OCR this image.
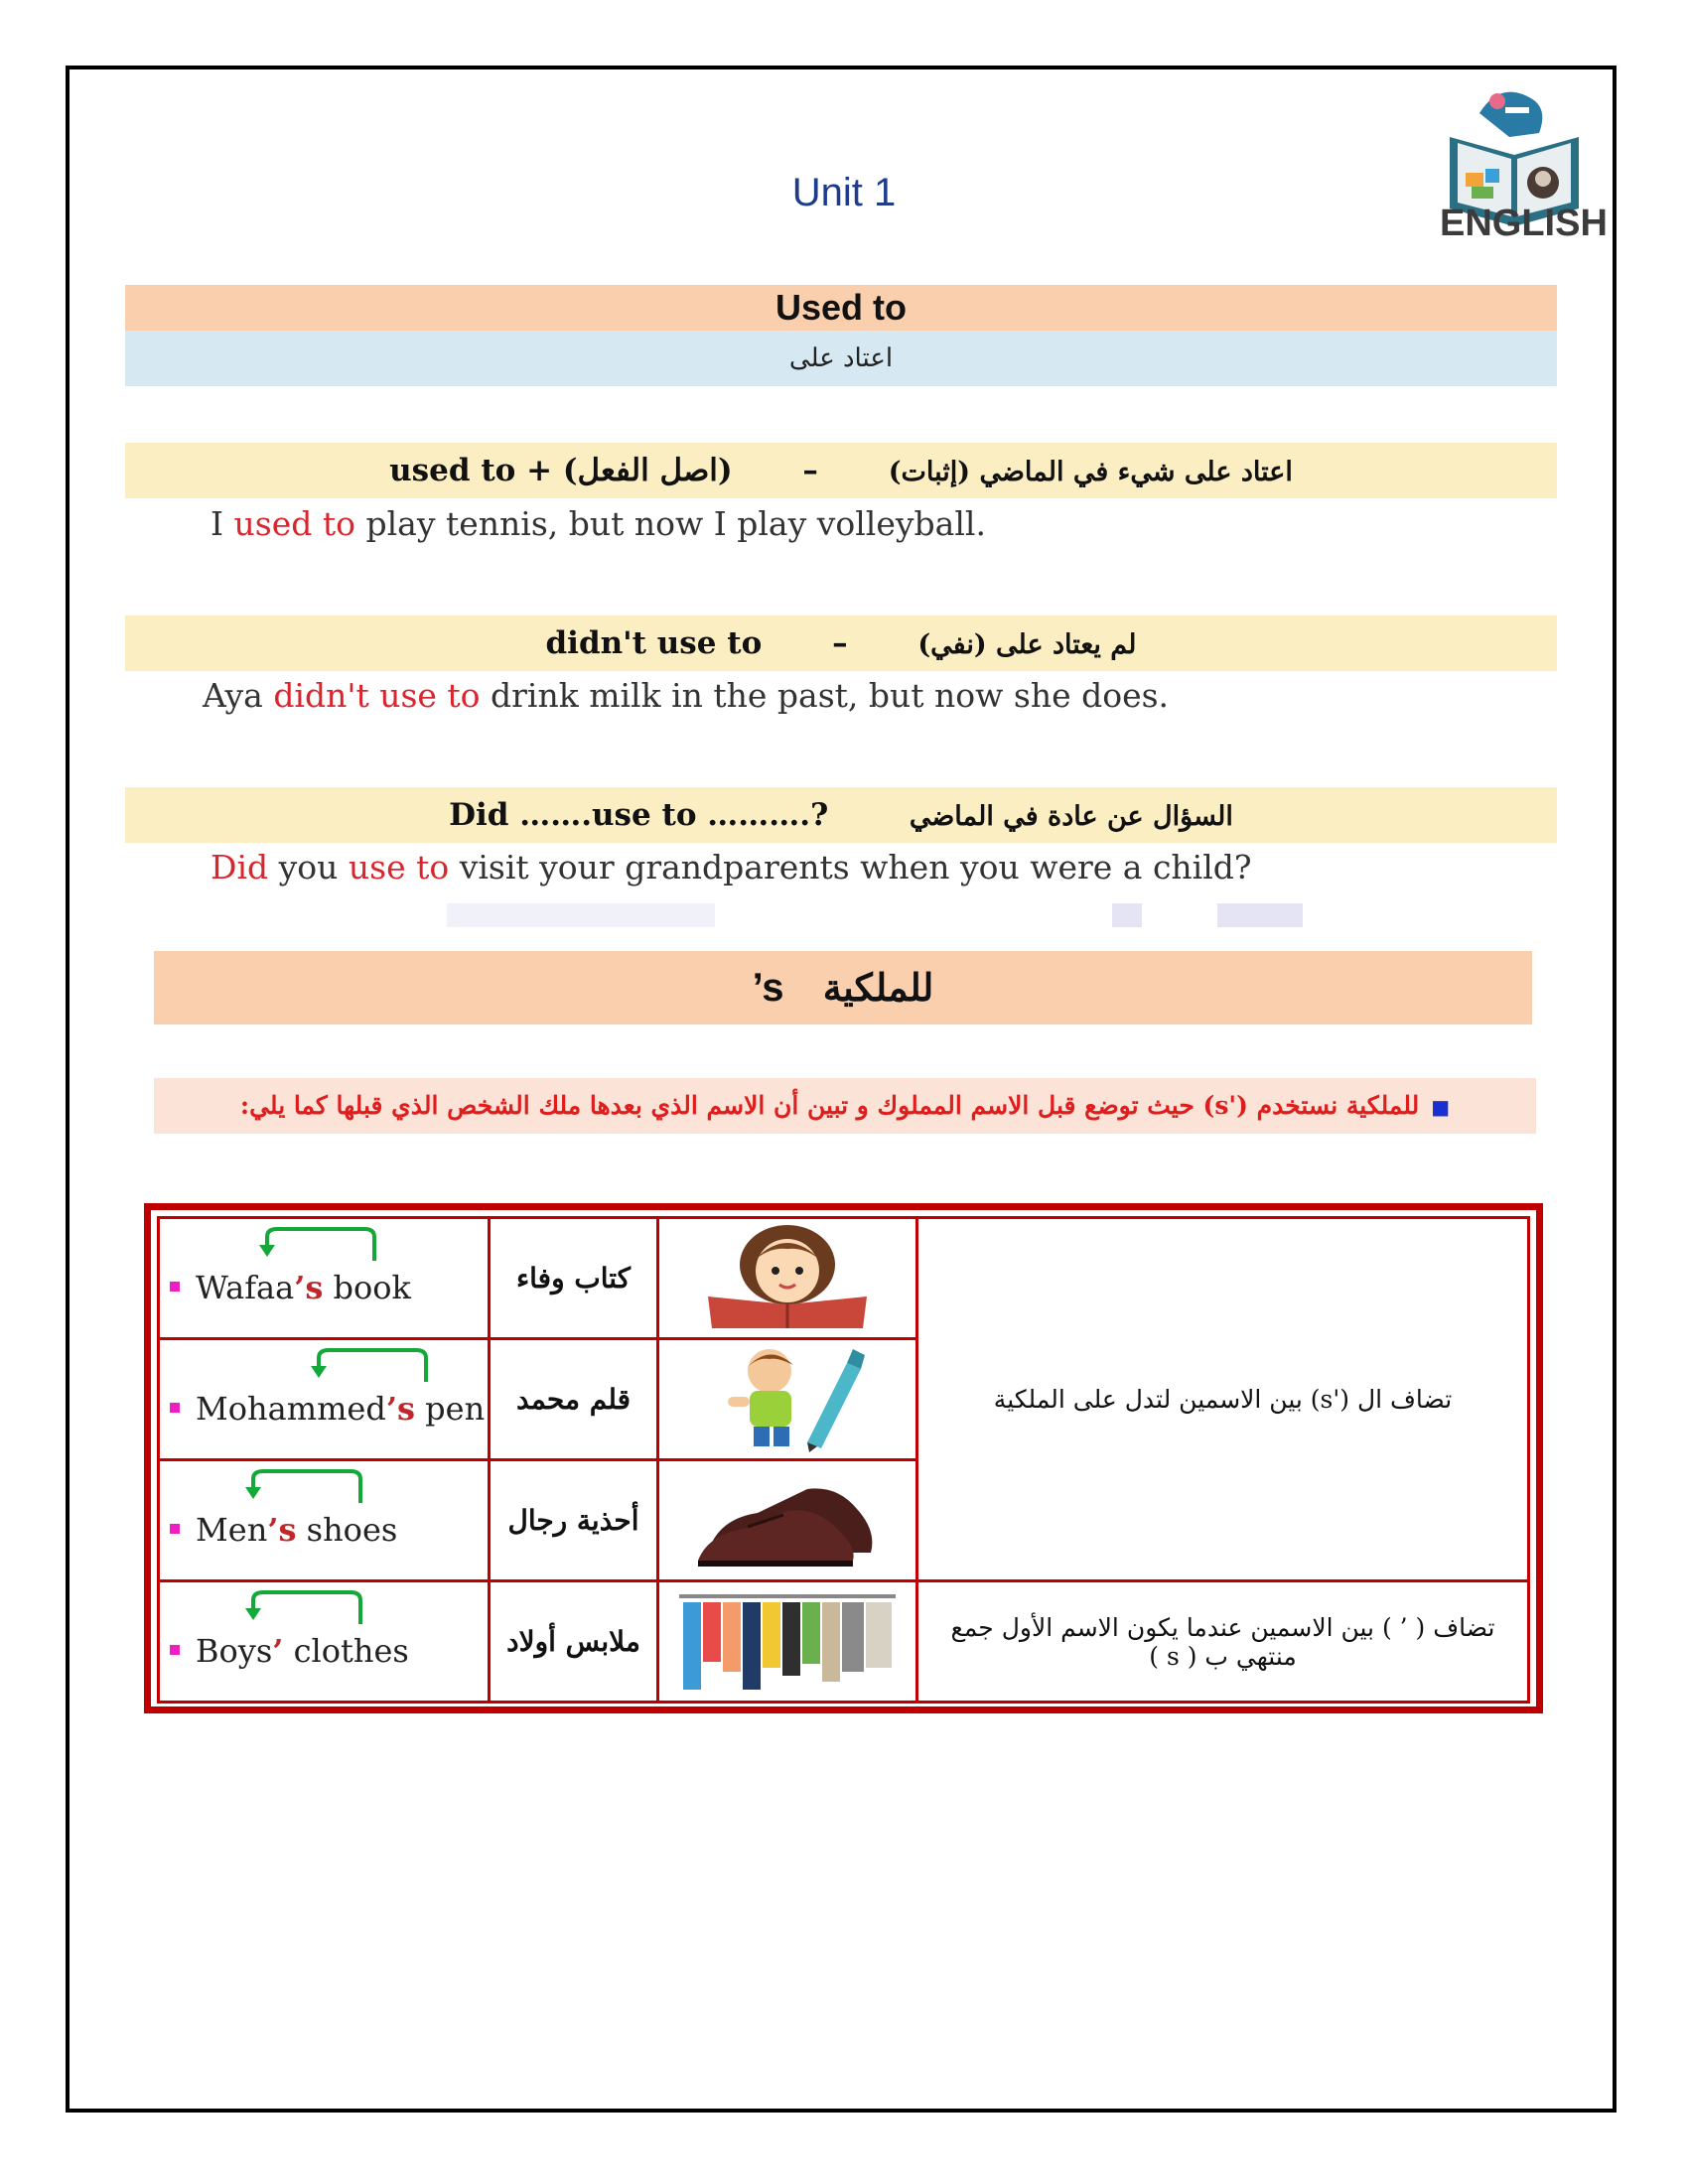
Unit 1
ENGLISH
Used to
اعتاد على
used to + (اصل الفعل) –	اعتاد على شيء في الماضي (إثبات)
I used to play tennis, but now I play volleyball.
didn't use to –	لم يعتاد على (نفي)
Aya didn't use to drink milk in the past, but now she does.
Did …….use to ……….?	السؤال عن عادة في الماضي
Did you use to visit your grandparents when you were a child?
’s للملكية
■للملكية نستخدم ('s) حيث توضع قبل الاسم المملوك و تبين أن الاسم الذي بعدها ملك الشخص الذي قبلها كما يلي:
Wafaa’s book	كتاب وفاء		تضاف ال ('s) بين الاسمين لتدل على الملكية

Mohammed’s pen	قلم محمد	

Men’s shoes	أحذية رجال	

Boys’ clothes	ملابس أولاد		تضاف ( ’ ) بين الاسمين عندما يكون الاسم الأول جمع منتهي ب ( s )
